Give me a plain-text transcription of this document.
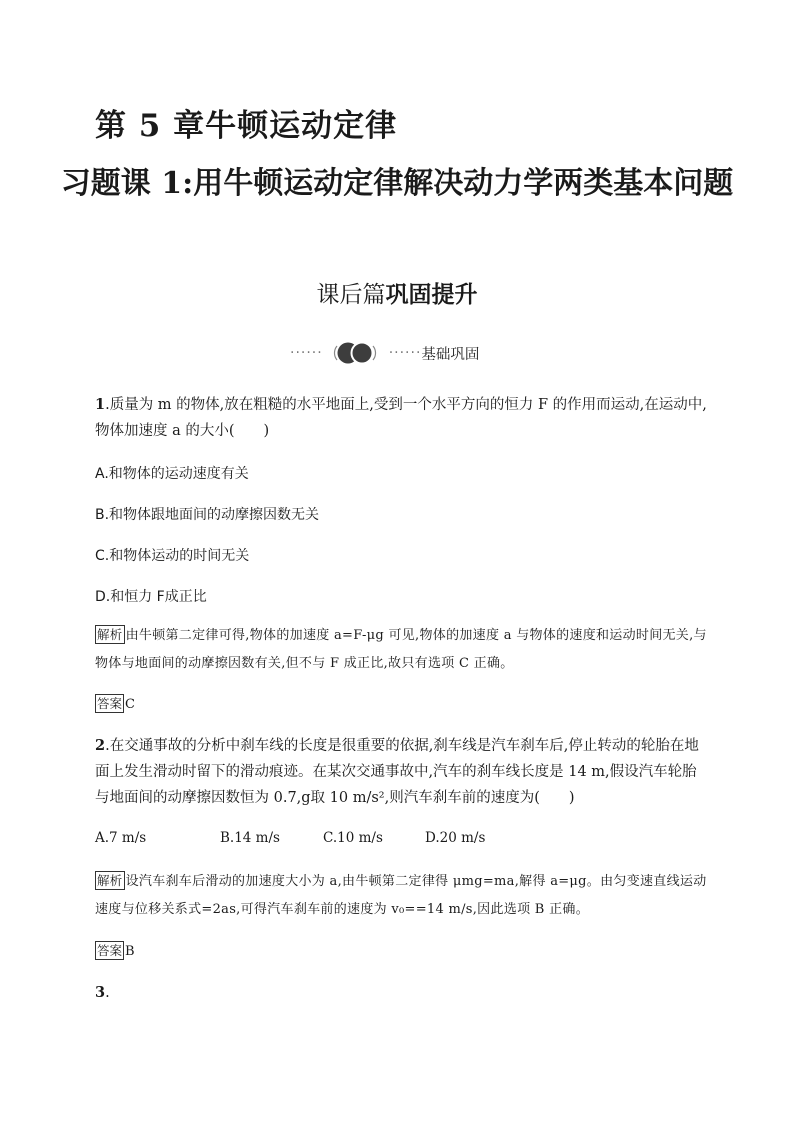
第 5 章牛顿运动定律
习题课 1:用牛顿运动定律解决动力学两类基本问题
课后篇巩固提升
······	······ 基础巩固
1.质量为 m 的物体,放在粗糙的水平地面上,受到一个水平方向的恒力 F 的作用而运动,在运动中,物体加速度 a 的大小(　　)
A.和物体的运动速度有关
B.和物体跟地面间的动摩擦因数无关
C.和物体运动的时间无关
D.和恒力 F成正比
解析 由牛顿第二定律可得,物体的加速度 a=F-μg 可见,物体的加速度 a 与物体的速度和运动时间无关,与物体与地面间的动摩擦因数有关,但不与 F 成正比,故只有选项 C 正确。
答案 C
2.在交通事故的分析中刹车线的长度是很重要的依据,刹车线是汽车刹车后,停止转动的轮胎在地面上发生滑动时留下的滑动痕迹。在某次交通事故中,汽车的刹车线长度是 14 m,假设汽车轮胎与地面间的动摩擦因数恒为 0.7,g取 10 m/s²,则汽车刹车前的速度为(　　)
A.7 m/s	B.14 m/s	C.10 m/s	D.20 m/s
解析 设汽车刹车后滑动的加速度大小为 a,由牛顿第二定律得 μmg=ma,解得 a=μg。由匀变速直线运动速度与位移关系式=2as,可得汽车刹车前的速度为 v₀==14 m/s,因此选项 B 正确。
答案 B
3.
